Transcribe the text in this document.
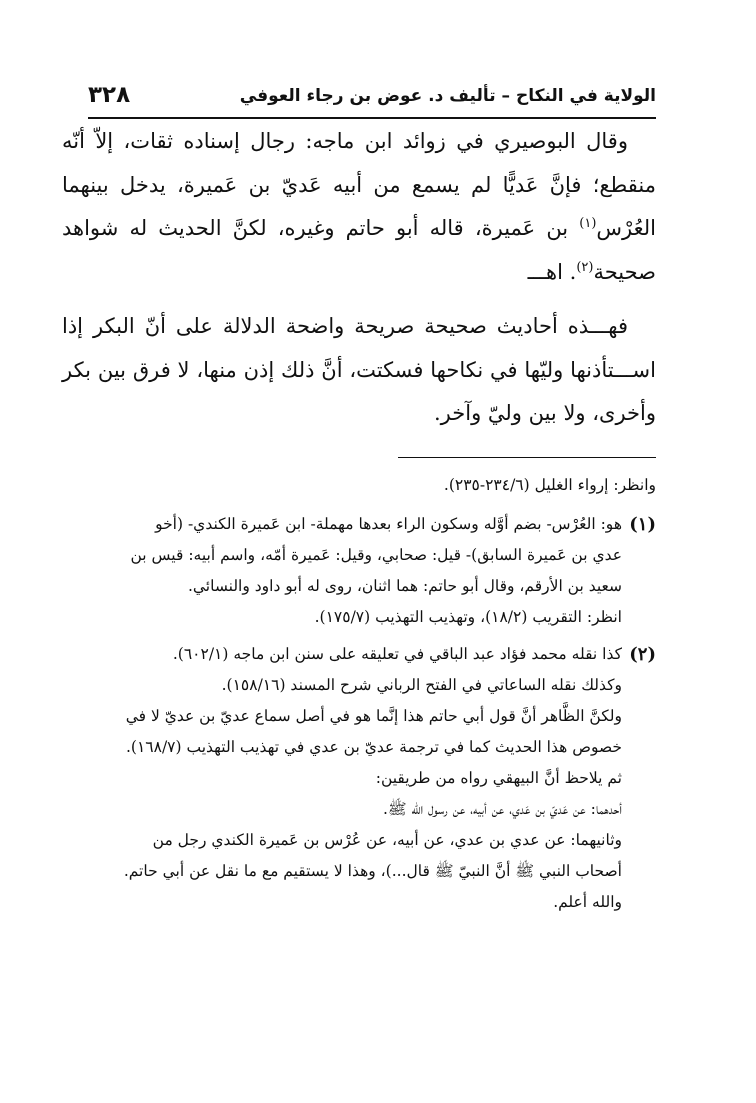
الولاية في النكاح – تأليف د. عوض بن رجاء العوفي
٣٢٨

وقال البوصيري في زوائد ابن ماجه: رجال إسناده ثقات، إلاّ أنّه منقطع؛ فإنَّ عَديًّا لم يسمع من أبيه عَديّ بن عَميرة، يدخل بينهما العُرْس$^{(١)}$ بن عَميرة، قاله أبو حاتم وغيره، لكنَّ الحديث له شواهد صحيحة$^{(٢)}$. اهـــ

فهـــذه أحاديث صحيحة صريحة واضحة الدلالة على أنّ البكر إذا اســـتأذنها وليّها في نكاحها فسكتت، أنَّ ذلك إذن منها، لا فرق بين بكر وأخرى، ولا بين وليّ وآخر.

وانظر: إرواء الغليل (٢٣٤/٦-٢٣٥).

(١)

هو: العُرْس- بضم أوَّله وسكون الراء بعدها مهملة- ابن عَميرة الكندي- (أخو

عدي بن عَميرة السابق)- قيل: صحابي، وقيل: عَميرة أمّه، واسم أبيه: قيس بن

سعيد بن الأرقم، وقال أبو حاتم: هما اثنان، روى له أبو داود والنسائي.

انظر: التقريب (١٨/٢)، وتهذيب التهذيب (١٧٥/٧).

(٢)

كذا نقله محمد فؤاد عبد الباقي في تعليقه على سنن ابن ماجه (٦٠٢/١).

وكذلك نقله الساعاتي في الفتح الرباني شرح المسند (١٥٨/١٦).

ولكنَّ الظَّاهر أنَّ قول أبي حاتم هذا إنَّما هو في أصل سماع عديّ بن عديّ لا في

خصوص هذا الحديث كما في ترجمة عديّ بن عدي في تهذيب التهذيب (١٦٨/٧).

ثم يلاحظ أنَّ البيهقي رواه من طريقين:

أحدهما: عن عَديّ بن عَدي، عن أبيه، عن رسول الله ﷺ.

وثانيهما: عن عدي بن عدي، عن أبيه، عن عُرْس بن عَميرة الكندي رجل من

أصحاب النبي ﷺ أنَّ النبيّ ﷺ قال...)، وهذا لا يستقيم مع ما نقل عن أبي حاتم.

والله أعلم.
